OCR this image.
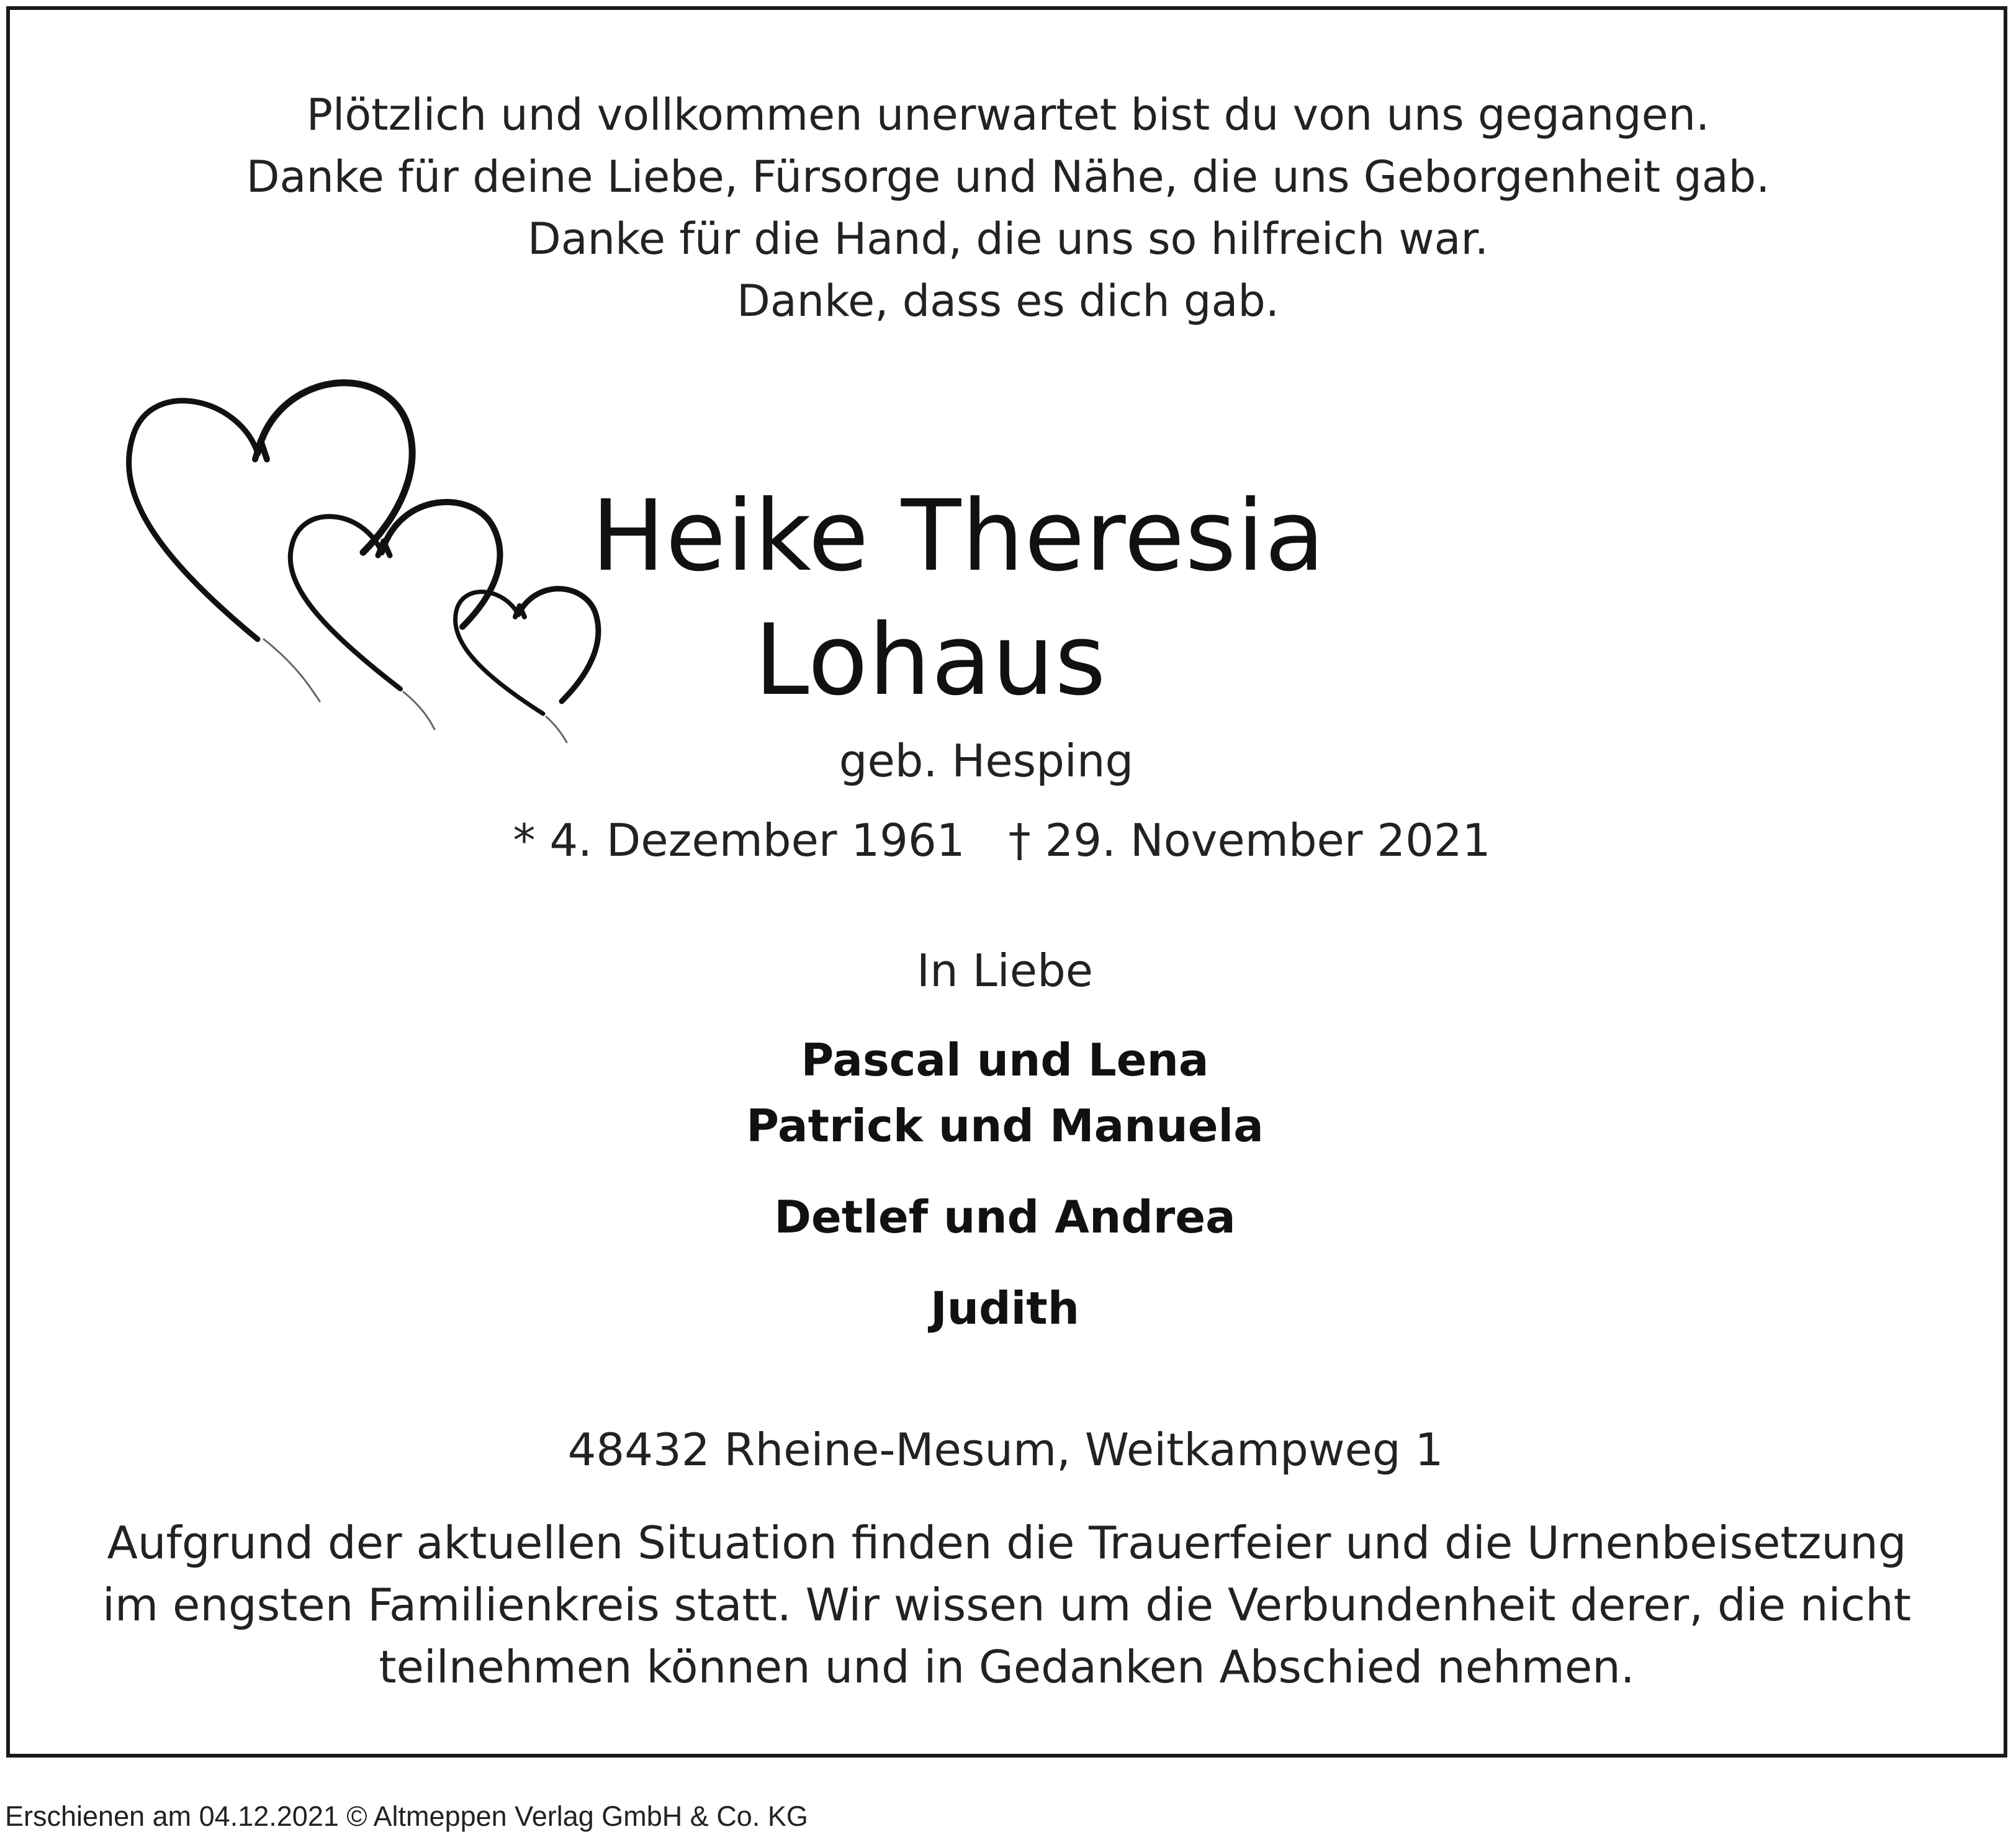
Plötzlich und vollkommen unerwartet bist du von uns gegangen.
Danke für deine Liebe, Fürsorge und Nähe, die uns Geborgenheit gab.
Danke für die Hand, die uns so hilfreich war.
Danke, dass es dich gab.
Heike Theresia
Lohaus
geb. Hesping
* 4. Dezember 1961 † 29. November 2021
In Liebe
Pascal und Lena
Patrick und Manuela
Detlef und Andrea
Judith
48432 Rheine-Mesum, Weitkampweg 1
Aufgrund der aktuellen Situation finden die Trauerfeier und die Urnenbeisetzung
im engsten Familienkreis statt. Wir wissen um die Verbundenheit derer, die nicht
teilnehmen können und in Gedanken Abschied nehmen.
Erschienen am 04.12.2021 © Altmeppen Verlag GmbH & Co. KG
